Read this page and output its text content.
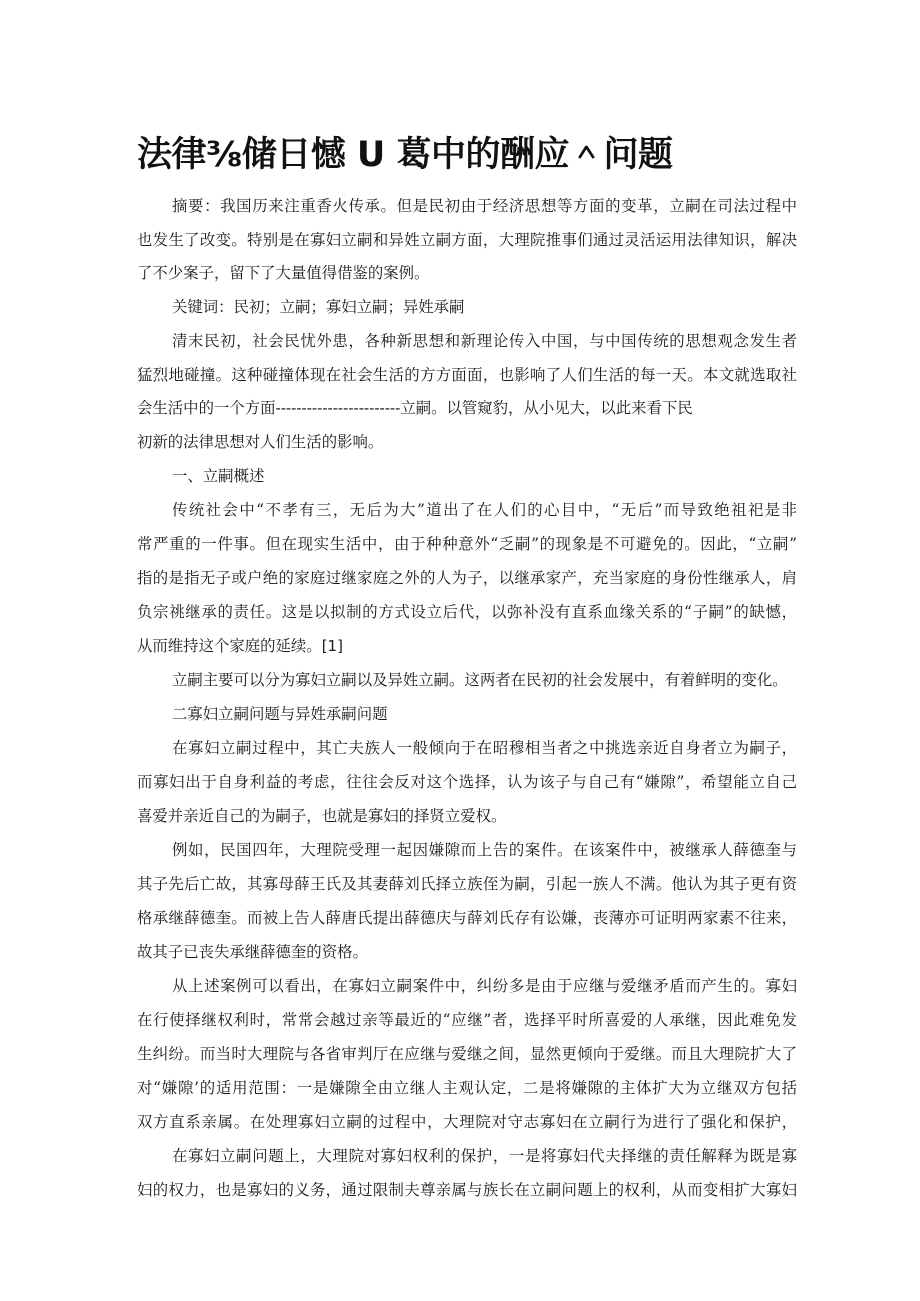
法律⅜储日憾 U 葛中的酬应＾问题
摘要：我国历来注重香火传承。但是民初由于经济思想等方面的变革，立嗣在司法过程中
也发生了改变。特别是在寡妇立嗣和异姓立嗣方面，大理院推事们通过灵活运用法律知识，解决
了不少案子，留下了大量值得借鉴的案例。
关键词：民初；立嗣；寡妇立嗣；异姓承嗣
清末民初，社会民忧外患，各种新思想和新理论传入中国，与中国传统的思想观念发生者
猛烈地碰撞。这种碰撞体现在社会生活的方方面面，也影响了人们生活的每一天。本文就选取社
会生活中的一个方面------------------------立嗣。以管窥豹，从小见大，以此来看下民
初新的法律思想对人们生活的影响。
一、立嗣概述
传统社会中“不孝有三，无后为大”道出了在人们的心目中，“无后”而导致绝祖祀是非
常严重的一件事。但在现实生活中，由于种种意外“乏嗣”的现象是不可避免的。因此，“立嗣”
指的是指无子或户绝的家庭过继家庭之外的人为子，以继承家产，充当家庭的身份性继承人，肩
负宗祧继承的责任。这是以拟制的方式设立后代，以弥补没有直系血缘关系的“子嗣”的缺憾，
从而维持这个家庭的延续。[1]
立嗣主要可以分为寡妇立嗣以及异姓立嗣。这两者在民初的社会发展中，有着鲜明的变化。
二寡妇立嗣问题与异姓承嗣问题
在寡妇立嗣过程中，其亡夫族人一般倾向于在昭穆相当者之中挑选亲近自身者立为嗣子，
而寡妇出于自身利益的考虑，往往会反对这个选择，认为该子与自己有“嫌隙”，希望能立自己
喜爱并亲近自己的为嗣子，也就是寡妇的择贤立爱权。
例如，民国四年，大理院受理一起因嫌隙而上告的案件。在该案件中，被继承人薛德奎与
其子先后亡故，其寡母薛王氏及其妻薛刘氏择立族侄为嗣，引起一族人不满。他认为其子更有资
格承继薛德奎。而被上告人薛唐氏提出薛德庆与薛刘氏存有讼嫌，丧薄亦可证明两家素不往来，
故其子已丧失承继薛德奎的资格。
从上述案例可以看出，在寡妇立嗣案件中，纠纷多是由于应继与爱继矛盾而产生的。寡妇
在行使择继权利时，常常会越过亲等最近的“应继”者，选择平时所喜爱的人承继，因此难免发
生纠纷。而当时大理院与各省审判厅在应继与爱继之间，显然更倾向于爱继。而且大理院扩大了
对“嫌隙’的适用范围：一是嫌隙全由立继人主观认定，二是将嫌隙的主体扩大为立继双方包括
双方直系亲属。在处理寡妇立嗣的过程中，大理院对守志寡妇在立嗣行为进行了强化和保护，
在寡妇立嗣问题上，大理院对寡妇权利的保护，一是将寡妇代夫择继的责任解释为既是寡
妇的权力，也是寡妇的义务，通过限制夫尊亲属与族长在立嗣问题上的权利，从而变相扩大寡妇
